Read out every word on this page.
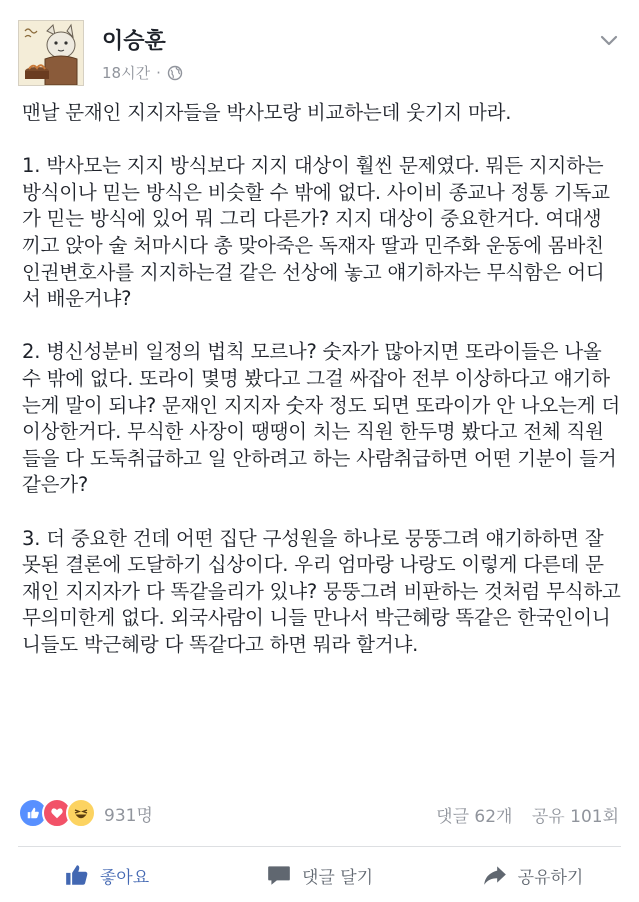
이승훈
18시간 ·

맨날 문재인 지지자들을 박사모랑 비교하는데 웃기지 마라.

1. 박사모는 지지 방식보다 지지 대상이 훨씬 문제였다. 뭐든 지지하는 방식이나 믿는 방식은 비슷할 수 밖에 없다. 사이비 종교나 정통 기독교가 믿는 방식에 있어 뭐 그리 다른가? 지지 대상이 중요한거다. 여대생 끼고 앉아 술 처마시다 총 맞아죽은 독재자 딸과 민주화 운동에 몸바친 인권변호사를 지지하는걸 같은 선상에 놓고 얘기하자는 무식함은 어디서 배운거냐?

2. 병신성분비 일정의 법칙 모르나? 숫자가 많아지면 또라이들은 나올 수 밖에 없다. 또라이 몇명 봤다고 그걸 싸잡아 전부 이상하다고 얘기하는게 말이 되냐? 문재인 지지자 숫자 정도 되면 또라이가 안 나오는게 더 이상한거다. 무식한 사장이 땡땡이 치는 직원 한두명 봤다고 전체 직원들을 다 도둑취급하고 일 안하려고 하는 사람취급하면 어떤 기분이 들거 같은가?

3. 더 중요한 건데 어떤 집단 구성원을 하나로 뭉뚱그려 얘기하하면 잘못된 결론에 도달하기 십상이다. 우리 엄마랑 나랑도 이렇게 다른데 문재인 지지자가 다 똑같을리가 있냐? 뭉뚱그려 비판하는 것처럼 무식하고 무의미한게 없다. 외국사람이 니들 만나서 박근혜랑 똑같은 한국인이니 니들도 박근혜랑 다 똑같다고 하면 뭐라 할거냐.

931명	댓글 62개 공유 101회
좋아요	댓글 달기	공유하기
